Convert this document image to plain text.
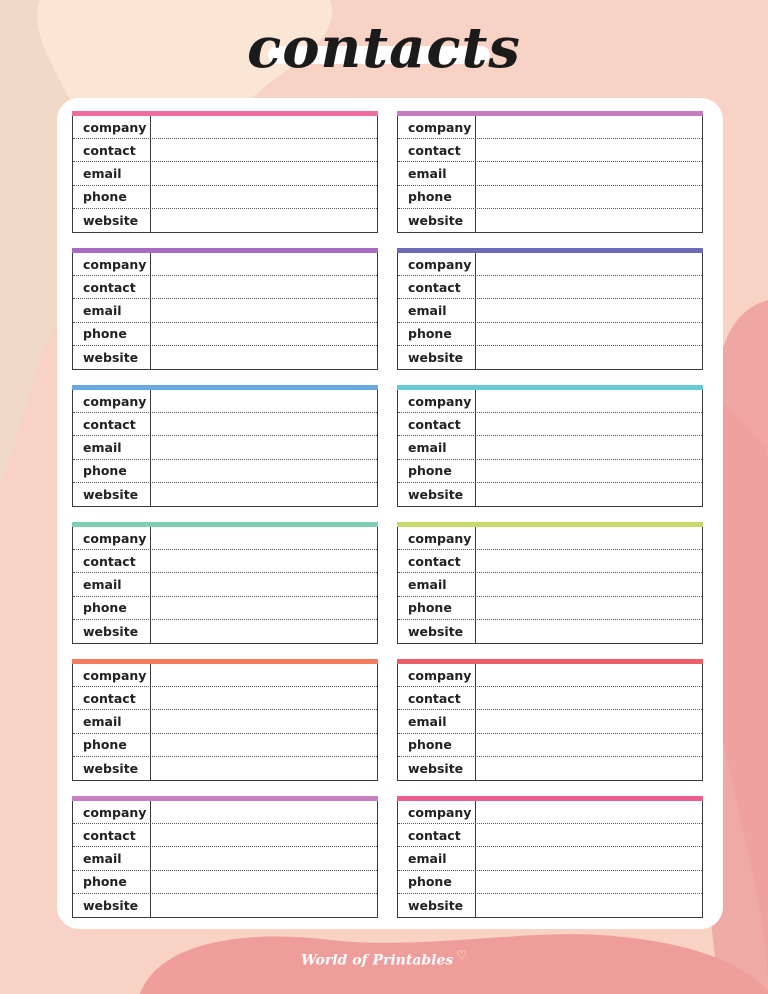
contacts
company
contact
email
phone
website
company
contact
email
phone
website
company
contact
email
phone
website
company
contact
email
phone
website
company
contact
email
phone
website
company
contact
email
phone
website
company
contact
email
phone
website
company
contact
email
phone
website
company
contact
email
phone
website
company
contact
email
phone
website
company
contact
email
phone
website
company
contact
email
phone
website
World of Printables ♡
